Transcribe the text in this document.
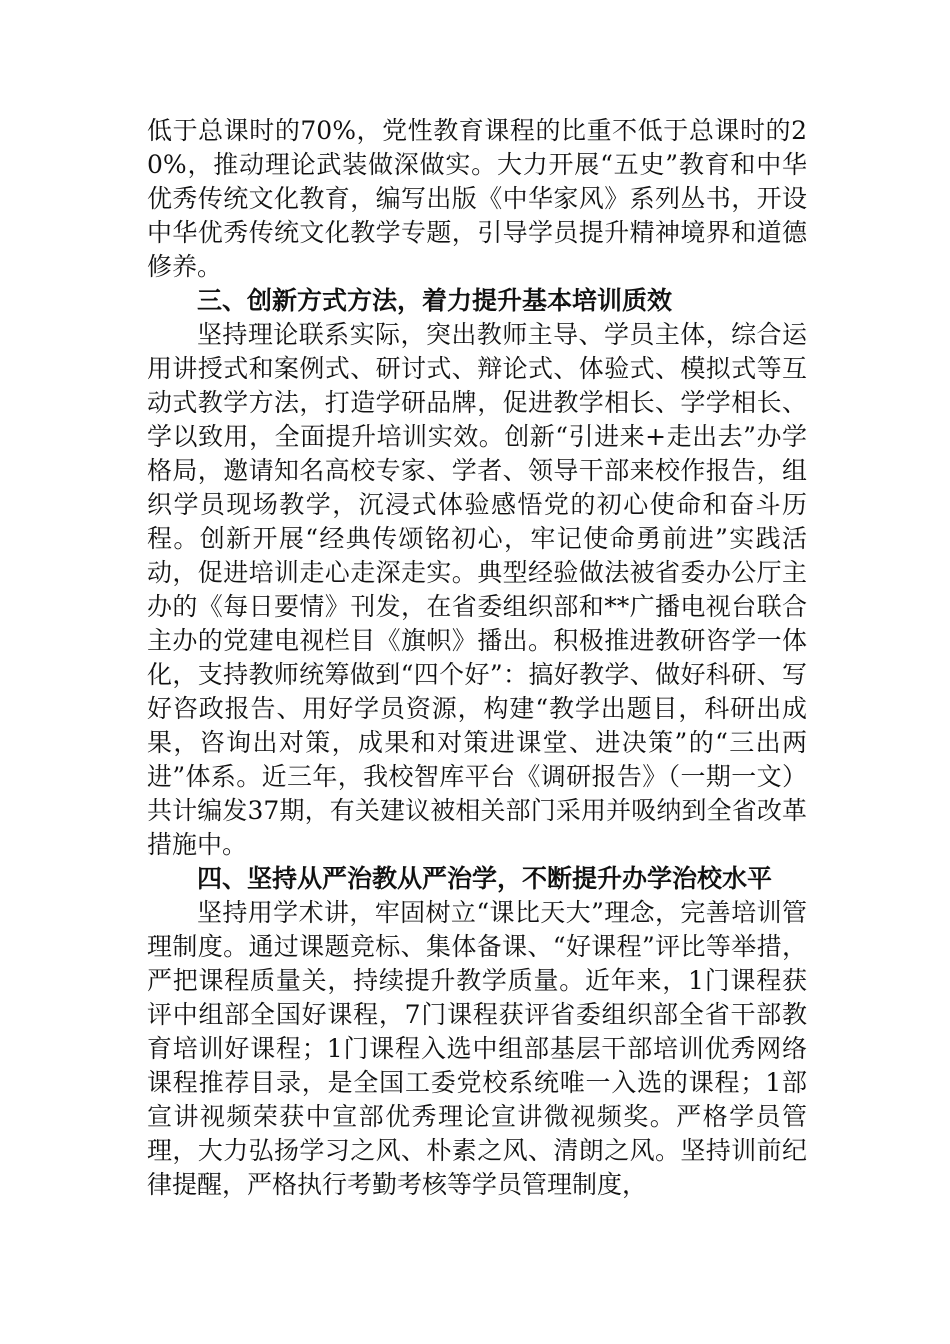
低于总课时的70%，党性教育课程的比重不低于总课时的20%，推动理论武装做深做实。大力开展“五史”教育和中华优秀传统文化教育，编写出版《中华家风》系列丛书，开设中华优秀传统文化教学专题，引导学员提升精神境界和道德修养。

三、创新方式方法，着力提升基本培训质效

坚持理论联系实际，突出教师主导、学员主体，综合运用讲授式和案例式、研讨式、辩论式、体验式、模拟式等互动式教学方法，打造学研品牌，促进教学相长、学学相长、学以致用，全面提升培训实效。创新“引进来+走出去”办学格局，邀请知名高校专家、学者、领导干部来校作报告，组织学员现场教学，沉浸式体验感悟党的初心使命和奋斗历程。创新开展“经典传颂铭初心，牢记使命勇前进”实践活动，促进培训走心走深走实。典型经验做法被省委办公厅主办的《每日要情》刊发，在省委组织部和**广播电视台联合主办的党建电视栏目《旗帜》播出。积极推进教研咨学一体化，支持教师统筹做到“四个好”：搞好教学、做好科研、写好咨政报告、用好学员资源，构建“教学出题目，科研出成果，咨询出对策，成果和对策进课堂、进决策”的“三出两进”体系。近三年，我校智库平台《调研报告》（一期一文）共计编发37期，有关建议被相关部门采用并吸纳到全省改革措施中。

四、坚持从严治教从严治学，不断提升办学治校水平

坚持用学术讲，牢固树立“课比天大”理念，完善培训管理制度。通过课题竞标、集体备课、“好课程”评比等举措，严把课程质量关，持续提升教学质量。近年来，1门课程获评中组部全国好课程，7门课程获评省委组织部全省干部教育培训好课程；1门课程入选中组部基层干部培训优秀网络课程推荐目录，是全国工委党校系统唯一入选的课程；1部宣讲视频荣获中宣部优秀理论宣讲微视频奖。严格学员管理，大力弘扬学习之风、朴素之风、清朗之风。坚持训前纪律提醒，严格执行考勤考核等学员管理制度，
